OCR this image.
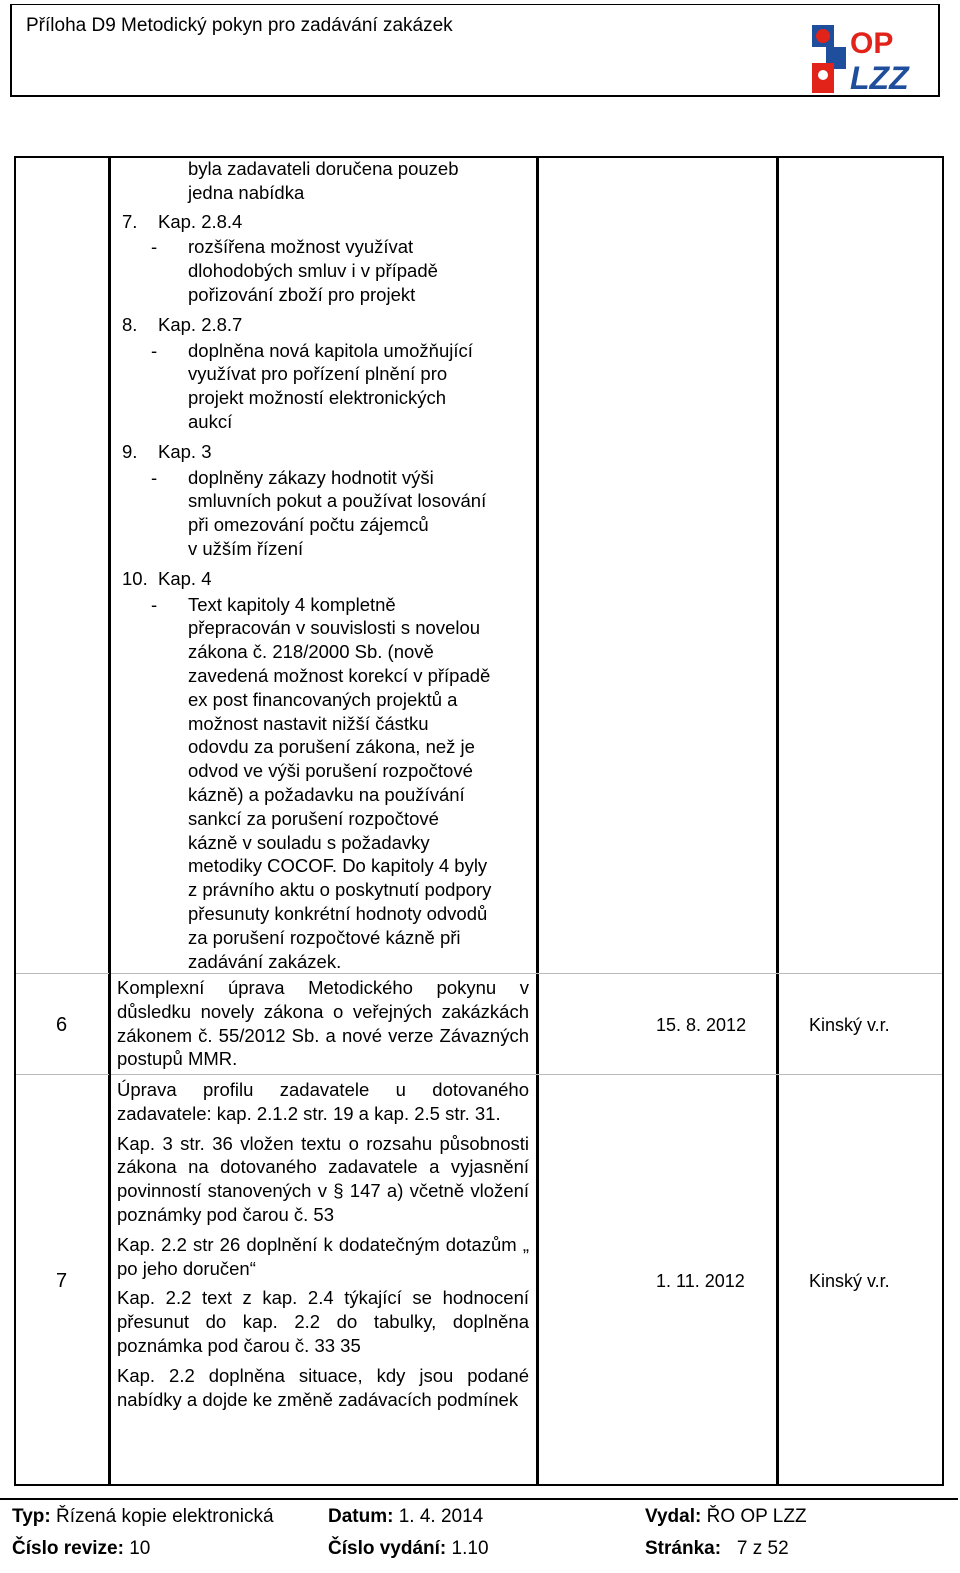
Příloha D9 Metodický pokyn pro zadávání zakázek
OP
LZZ
byla zadavateli doručena pouzeb
jedna nabídka
7. Kap. 2.8.4
- rozšířena možnost využívat
dlohodobých smluv i v případě
pořizování zboží pro projekt
8. Kap. 2.8.7
- doplněna nová kapitola umožňující
využívat pro pořízení plnění pro
projekt možností elektronických
aukcí
9. Kap. 3
- doplněny zákazy hodnotit výši
smluvních pokut a používat losování
při omezování počtu zájemců
v užším řízení
10. Kap. 4
- Text kapitoly 4 kompletně
přepracován v souvislosti s novelou
zákona č. 218/2000 Sb. (nově
zavedená možnost korekcí v případě
ex post financovaných projektů a
možnost nastavit nižší částku
odovdu za porušení zákona, než je
odvod ve výši porušení rozpočtové
kázně) a požadavku na používání
sankcí za porušení rozpočtové
kázně v souladu s požadavky
metodiky COCOF. Do kapitoly 4 byly
z právního aktu o poskytnutí podpory
přesunuty konkrétní hodnoty odvodů
za porušení rozpočtové kázně při
zadávání zakázek.
6
Komplexní úprava Metodického pokynu v důsledku novely zákona o veřejných zakázkách zákonem č. 55/2012 Sb. a nové verze Závazných postupů MMR.
15. 8. 2012	Kinský v.r.
7
Úprava profilu zadavatele u dotovaného zadavatele: kap. 2.1.2 str. 19 a kap. 2.5 str. 31.
Kap. 3 str. 36 vložen textu o rozsahu působnosti zákona na dotovaného zadavatele a vyjasnění povinností stanovených v § 147 a) včetně vložení poznámky pod čarou č. 53
Kap. 2.2 str 26 doplnění k dodatečným dotazům „ po jeho doručen“
Kap. 2.2 text z kap. 2.4 týkající se hodnocení přesunut do kap. 2.2 do tabulky, doplněna poznámka pod čarou č. 33 35
Kap. 2.2 doplněna situace, kdy jsou podané nabídky a dojde ke změně zadávacích podmínek
1. 11. 2012	Kinský v.r.
Typ: Řízená kopie elektronická	Datum: 1. 4. 2014	Vydal: ŘO OP LZZ
Číslo revize: 10	Číslo vydání: 1.10	Stránka: 7 z 52
